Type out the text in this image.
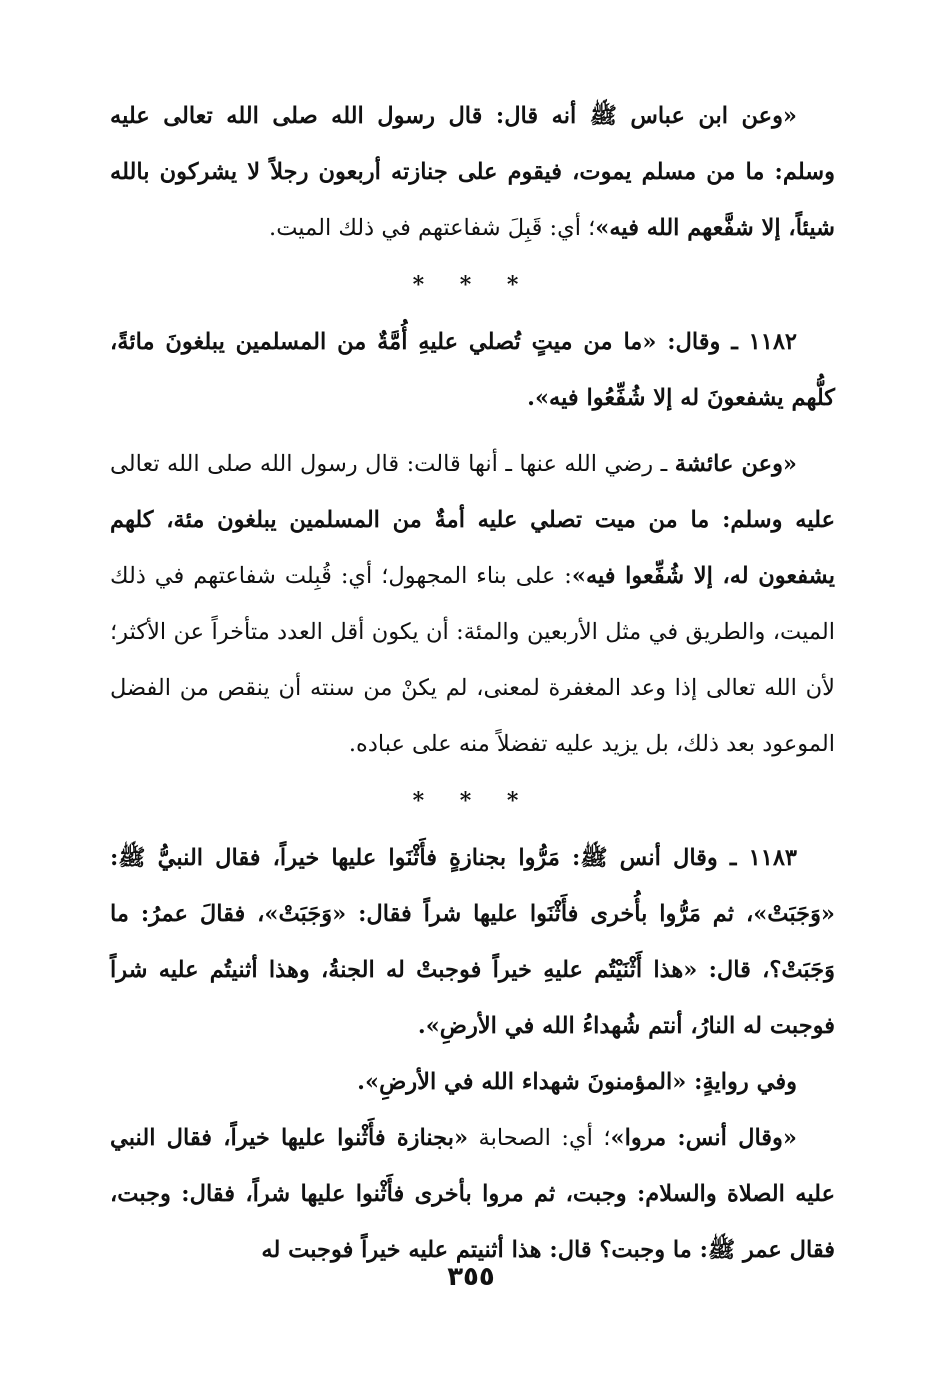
«وعن ابن عباس ﷺ أنه قال: قال رسول الله صلى الله تعالى عليه وسلم: ما من مسلم يموت، فيقوم على جنازته أربعون رجلاً لا يشركون بالله شيئاً، إلا شفَّعهم الله فيه»؛ أي: قَبِلَ شفاعتهم في ذلك الميت.

* * *

١١٨٢ ـ وقال: «ما من ميتٍ تُصلي عليهِ أُمَّةٌ من المسلمين يبلغونَ مائةً، كلُّهم يشفعونَ له إلا شُفِّعُوا فيه».

«وعن عائشة ـ رضي الله عنها ـ أنها قالت: قال رسول الله صلى الله تعالى عليه وسلم: ما من ميت تصلي عليه أمةٌ من المسلمين يبلغون مئة، كلهم يشفعون له، إلا شُفِّعوا فيه»: على بناء المجهول؛ أي: قُبِلت شفاعتهم في ذلك الميت، والطريق في مثل الأربعين والمئة: أن يكون أقل العدد متأخراً عن الأكثر؛ لأن الله تعالى إذا وعد المغفرة لمعنى، لم يكنْ من سنته أن ينقص من الفضل الموعود بعد ذلك، بل يزيد عليه تفضلاً منه على عباده.

* * *

١١٨٣ ـ وقال أنس ﷺ: مَرُّوا بجنازةٍ فأَثْنَوا عليها خيراً، فقال النبيُّ ﷺ: «وَجَبَتْ»، ثم مَرُّوا بأُخرى فأَثْنَوا عليها شراً فقال: «وَجَبَتْ»، فقالَ عمرُ: ما وَجَبَتْ؟، قال: «هذا أَثْنَيْتُم عليهِ خيراً فوجبتْ له الجنةُ، وهذا أثنيتُم عليه شراً فوجبت له النارُ، أنتم شُهداءُ الله في الأرضِ».

وفي روايةٍ: «المؤمنونَ شهداء الله في الأرضِ».

«وقال أنس: مروا»؛ أي: الصحابة «بجنازة فأَثْنوا عليها خيراً، فقال النبي عليه الصلاة والسلام: وجبت، ثم مروا بأخرى فأَثْنوا عليها شراً، فقال: وجبت، فقال عمر ﷺ: ما وجبت؟ قال: هذا أثنيتم عليه خيراً فوجبت له

٣٥٥
